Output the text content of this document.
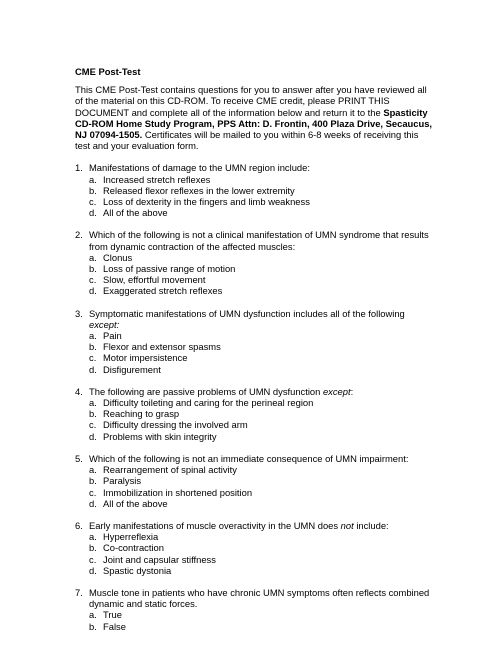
CME Post-Test
This CME Post-Test contains questions for you to answer after you have reviewed all of the material on this CD-ROM. To receive CME credit, please PRINT THIS DOCUMENT and complete all of the information below and return it to the Spasticity CD-ROM Home Study Program, PPS Attn: D. Frontin, 400 Plaza Drive, Secaucus, NJ 07094-1505. Certificates will be mailed to you within 6-8 weeks of receiving this test and your evaluation form.
1. Manifestations of damage to the UMN region include:
a. Increased stretch reflexes
b. Released flexor reflexes in the lower extremity
c. Loss of dexterity in the fingers and limb weakness
d. All of the above
2. Which of the following is not a clinical manifestation of UMN syndrome that results from dynamic contraction of the affected muscles:
a. Clonus
b. Loss of passive range of motion
c. Slow, effortful movement
d. Exaggerated stretch reflexes
3. Symptomatic manifestations of UMN dysfunction includes all of the following except:
a. Pain
b. Flexor and extensor spasms
c. Motor impersistence
d. Disfigurement
4. The following are passive problems of UMN dysfunction except:
a. Difficulty toileting and caring for the perineal region
b. Reaching to grasp
c. Difficulty dressing the involved arm
d. Problems with skin integrity
5. Which of the following is not an immediate consequence of UMN impairment:
a. Rearrangement of spinal activity
b. Paralysis
c. Immobilization in shortened position
d. All of the above
6. Early manifestations of muscle overactivity in the UMN does not include:
a. Hyperreflexia
b. Co-contraction
c. Joint and capsular stiffness
d. Spastic dystonia
7. Muscle tone in patients who have chronic UMN symptoms often reflects combined dynamic and static forces.
a. True
b. False
